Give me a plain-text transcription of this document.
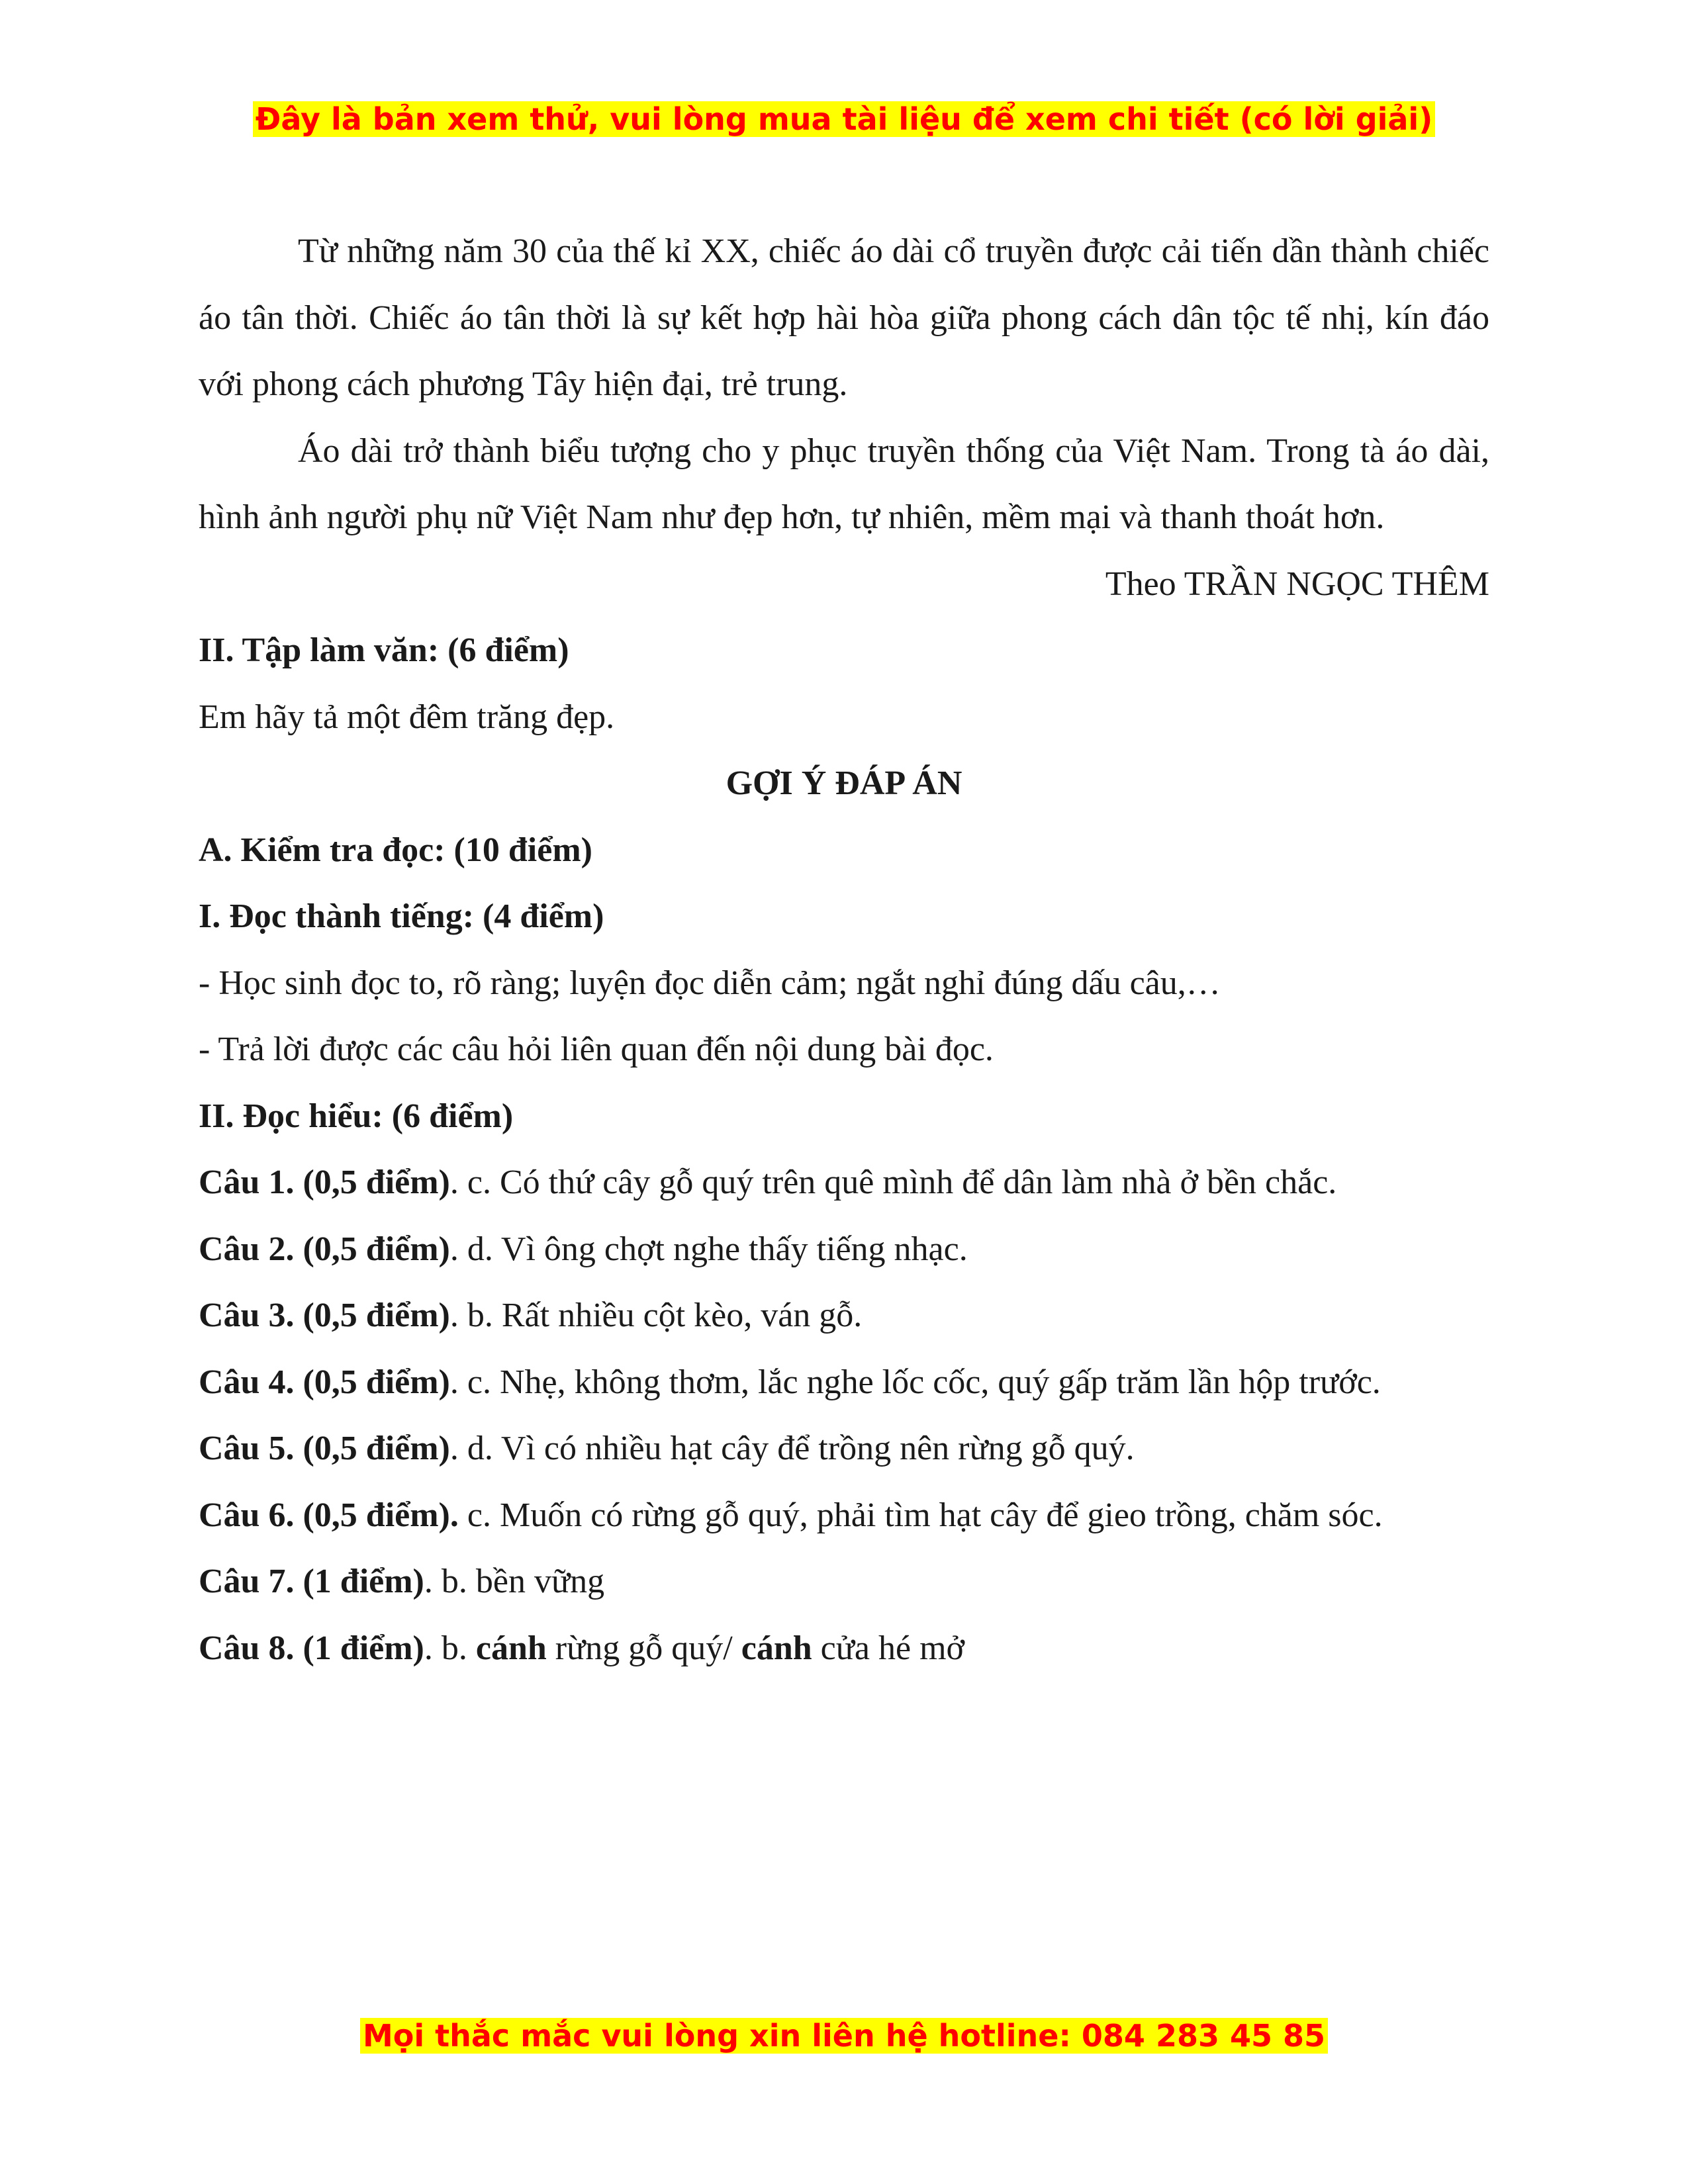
Đây là bản xem thử, vui lòng mua tài liệu để xem chi tiết (có lời giải)

Từ những năm 30 của thế kỉ XX, chiếc áo dài cổ truyền được cải tiến dần thành chiếc áo tân thời. Chiếc áo tân thời là sự kết hợp hài hòa giữa phong cách dân tộc tế nhị, kín đáo với phong cách phương Tây hiện đại, trẻ trung.

Áo dài trở thành biểu tượng cho y phục truyền thống của Việt Nam. Trong tà áo dài, hình ảnh người phụ nữ Việt Nam như đẹp hơn, tự nhiên, mềm mại và thanh thoát hơn.

Theo TRẦN NGỌC THÊM

II. Tập làm văn: (6 điểm)

Em hãy tả một đêm trăng đẹp.

GỢI Ý ĐÁP ÁN

A. Kiểm tra đọc: (10 điểm)

I. Đọc thành tiếng: (4 điểm)

- Học sinh đọc to, rõ ràng; luyện đọc diễn cảm; ngắt nghỉ đúng dấu câu,…

- Trả lời được các câu hỏi liên quan đến nội dung bài đọc.

II. Đọc hiểu: (6 điểm)

Câu 1. (0,5 điểm). c. Có thứ cây gỗ quý trên quê mình để dân làm nhà ở bền chắc.

Câu 2. (0,5 điểm). d. Vì ông chợt nghe thấy tiếng nhạc.

Câu 3. (0,5 điểm). b. Rất nhiều cột kèo, ván gỗ.

Câu 4. (0,5 điểm). c. Nhẹ, không thơm, lắc nghe lốc cốc, quý gấp trăm lần hộp trước.

Câu 5. (0,5 điểm). d. Vì có nhiều hạt cây để trồng nên rừng gỗ quý.

Câu 6. (0,5 điểm). c. Muốn có rừng gỗ quý, phải tìm hạt cây để gieo trồng, chăm sóc.

Câu 7. (1 điểm). b. bền vững

Câu 8. (1 điểm). b. cánh rừng gỗ quý/ cánh cửa hé mở

Mọi thắc mắc vui lòng xin liên hệ hotline: 084 283 45 85
